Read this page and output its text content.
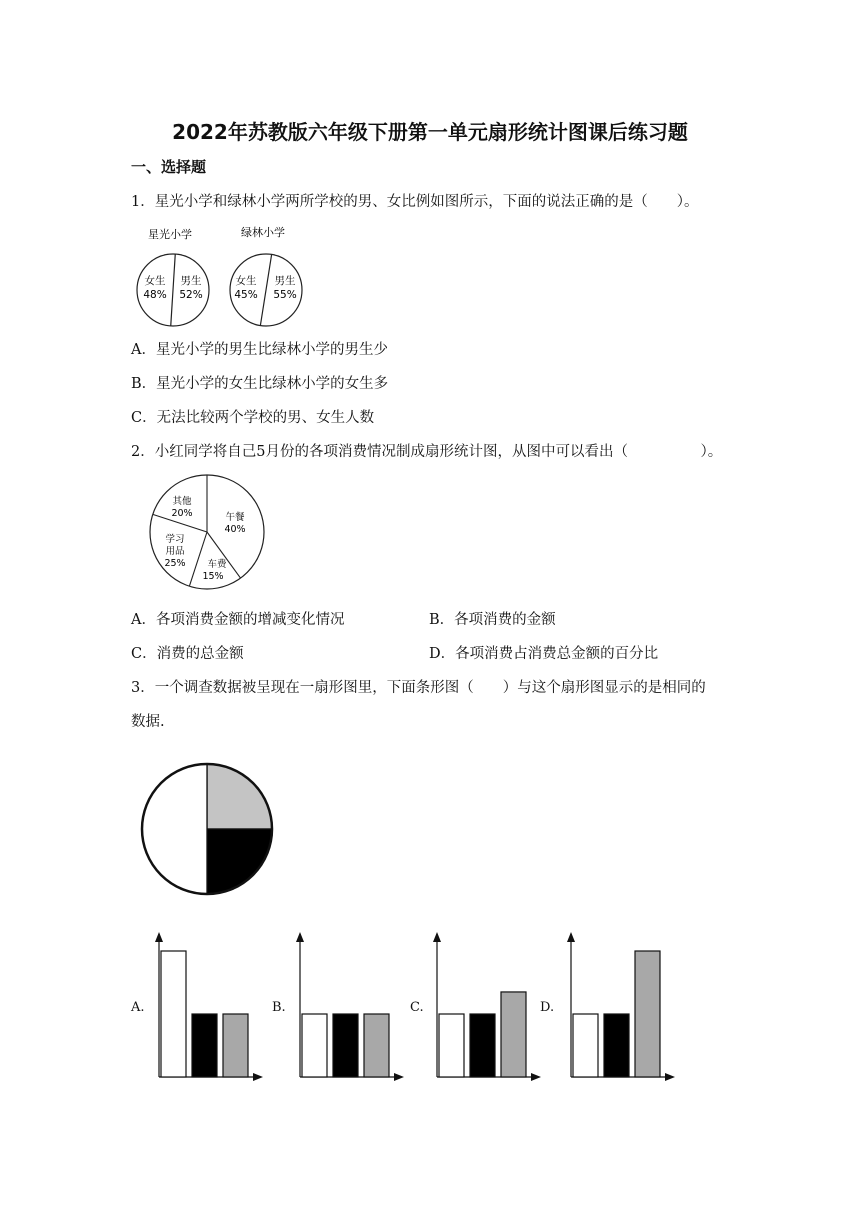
2022年苏教版六年级下册第一单元扇形统计图课后练习题
一、选择题
1．星光小学和绿林小学两所学校的男、女比例如图所示，下面的说法正确的是（　　）。
星光小学
女生
48%
男生
52%
绿林小学
女生
45%
男生
55%
A．星光小学的男生比绿林小学的男生少
B．星光小学的女生比绿林小学的女生多
C．无法比较两个学校的男、女生人数
2．小红同学将自己5月份的各项消费情况制成扇形统计图，从图中可以看出（　　　　　）。
午餐
40%
车费
15%
学习
用品
25%
其他
20%
A．各项消费金额的增减变化情况	B．各项消费的金额
C．消费的总金额	D．各项消费占消费总金额的百分比
3．一个调查数据被呈现在一扇形图里，下面条形图（　　）与这个扇形图显示的是相同的
数据.
A.	B.	C.	D.
